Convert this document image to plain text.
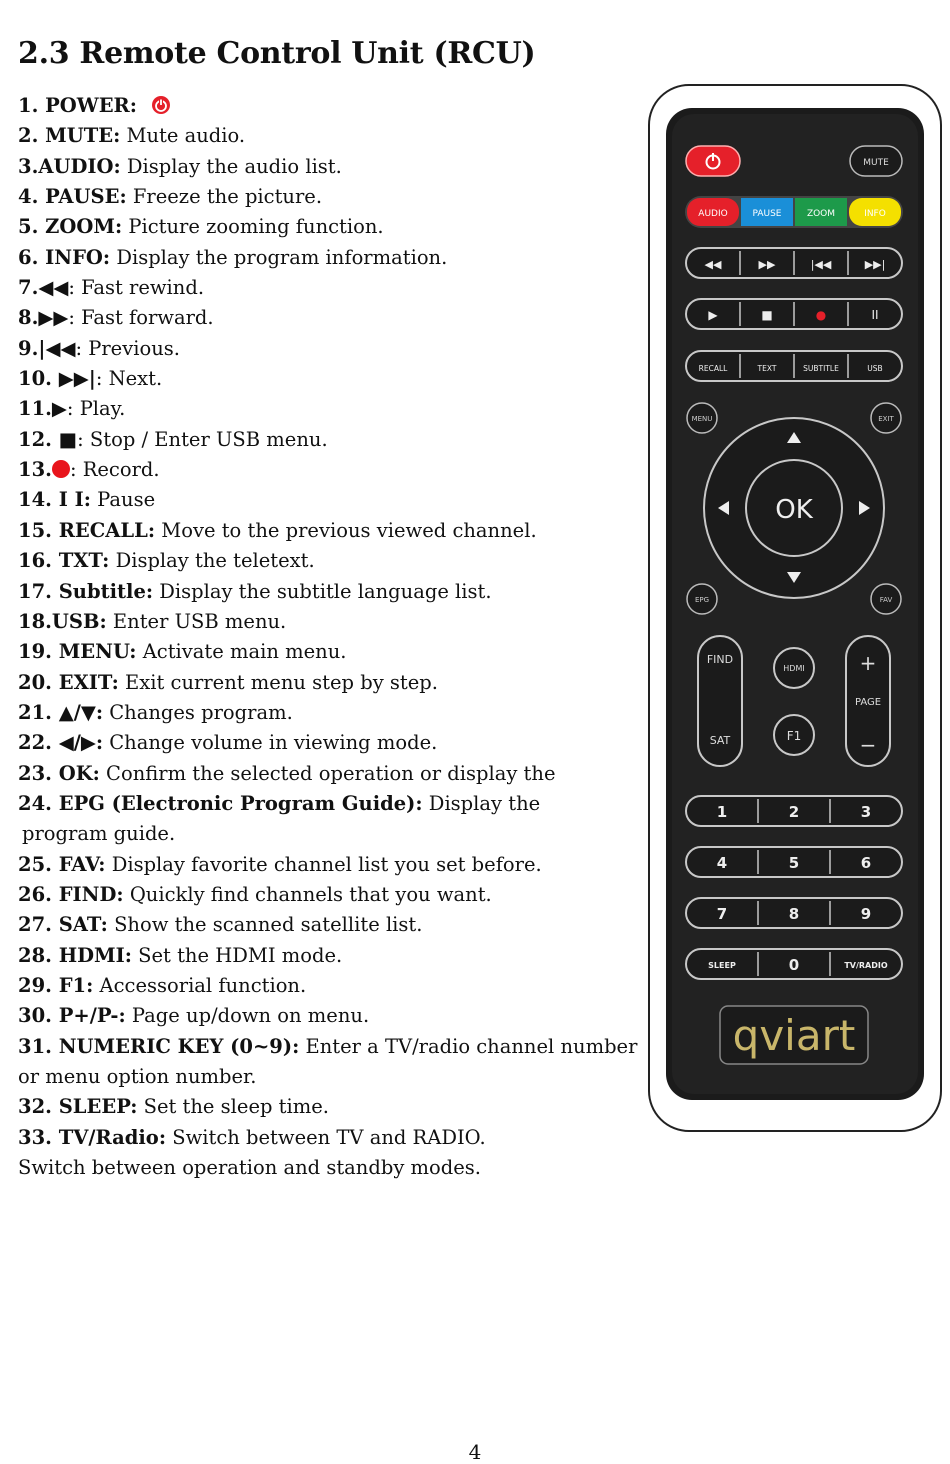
2.3 Remote Control Unit (RCU)
1. POWER:
2. MUTE: Mute audio.
3.AUDIO: Display the audio list.
4. PAUSE: Freeze the picture.
5. ZOOM: Picture zooming function.
6. INFO: Display the program information.
7.◀◀: Fast rewind.
8.▶▶: Fast forward.
9.|◀◀: Previous.
10. ▶▶|: Next.
11.▶: Play.
12. ■: Stop / Enter USB menu.
13. : Record.
14. I I: Pause
15. RECALL: Move to the previous viewed channel.
16. TXT: Display the teletext.
17. Subtitle: Display the subtitle language list.
18.USB: Enter USB menu.
19. MENU: Activate main menu.
20. EXIT: Exit current menu step by step.
21. ▲/▼: Changes program.
22. ◀/▶: Change volume in viewing mode.
23. OK: Confirm the selected operation or display the
24. EPG (Electronic Program Guide): Display the
program guide.
25. FAV: Display favorite channel list you set before.
26. FIND: Quickly find channels that you want.
27. SAT: Show the scanned satellite list.
28. HDMI: Set the HDMI mode.
29. F1: Accessorial function.
30. P+/P-: Page up/down on menu.
31. NUMERIC KEY (0~9): Enter a TV/radio channel number
or menu option number.
32. SLEEP: Set the sleep time.
33. TV/Radio: Switch between TV and RADIO.
Switch between operation and standby modes.
MUTE
AUDIO	PAUSE	ZOOM	INFO
◀◀	▶▶	|◀◀	▶▶|
▶	■	●	II
RECALL	TEXT	SUBTITLE	USB
MENU	EXIT
OK
EPG	FAV
FIND
SAT
HDMI
F1
+
PAGE
−
1	2	3
4	5	6
7	8	9
SLEEP	0	TV/RADIO
qviart
4
